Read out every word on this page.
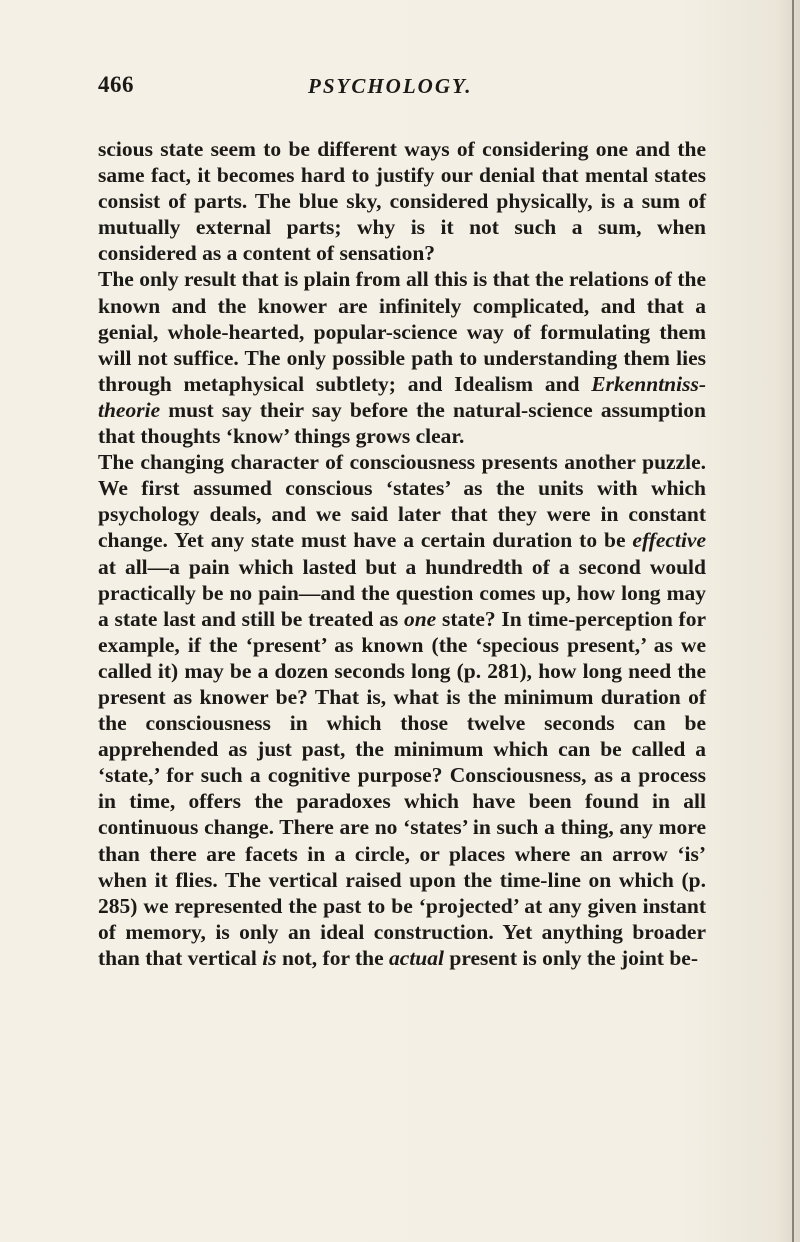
466	PSYCHOLOGY.

scious state seem to be different ways of considering one and the same fact, it becomes hard to justify our denial that mental states consist of parts. The blue sky, considered physically, is a sum of mutually external parts; why is it not such a sum, when considered as a content of sensation?

The only result that is plain from all this is that the relations of the known and the knower are infinitely complicated, and that a genial, whole-hearted, popular-science way of formulating them will not suffice. The only possible path to understanding them lies through metaphysical subtlety; and Idealism and Erkenntniss-theorie must say their say before the natural-science assumption that thoughts ‘know’ things grows clear.

The changing character of consciousness presents another puzzle. We first assumed conscious ‘states’ as the units with which psychology deals, and we said later that they were in constant change. Yet any state must have a certain duration to be effective at all—a pain which lasted but a hundredth of a second would practically be no pain—and the question comes up, how long may a state last and still be treated as one state? In time-perception for example, if the ‘present’ as known (the ‘specious present,’ as we called it) may be a dozen seconds long (p. 281), how long need the present as knower be? That is, what is the minimum duration of the consciousness in which those twelve seconds can be apprehended as just past, the minimum which can be called a ‘state,’ for such a cognitive purpose? Consciousness, as a process in time, offers the paradoxes which have been found in all continuous change. There are no ‘states’ in such a thing, any more than there are facets in a circle, or places where an arrow ‘is’ when it flies. The vertical raised upon the time-line on which (p. 285) we represented the past to be ‘projected’ at any given instant of memory, is only an ideal construction. Yet anything broader than that vertical is not, for the actual present is only the joint be-
